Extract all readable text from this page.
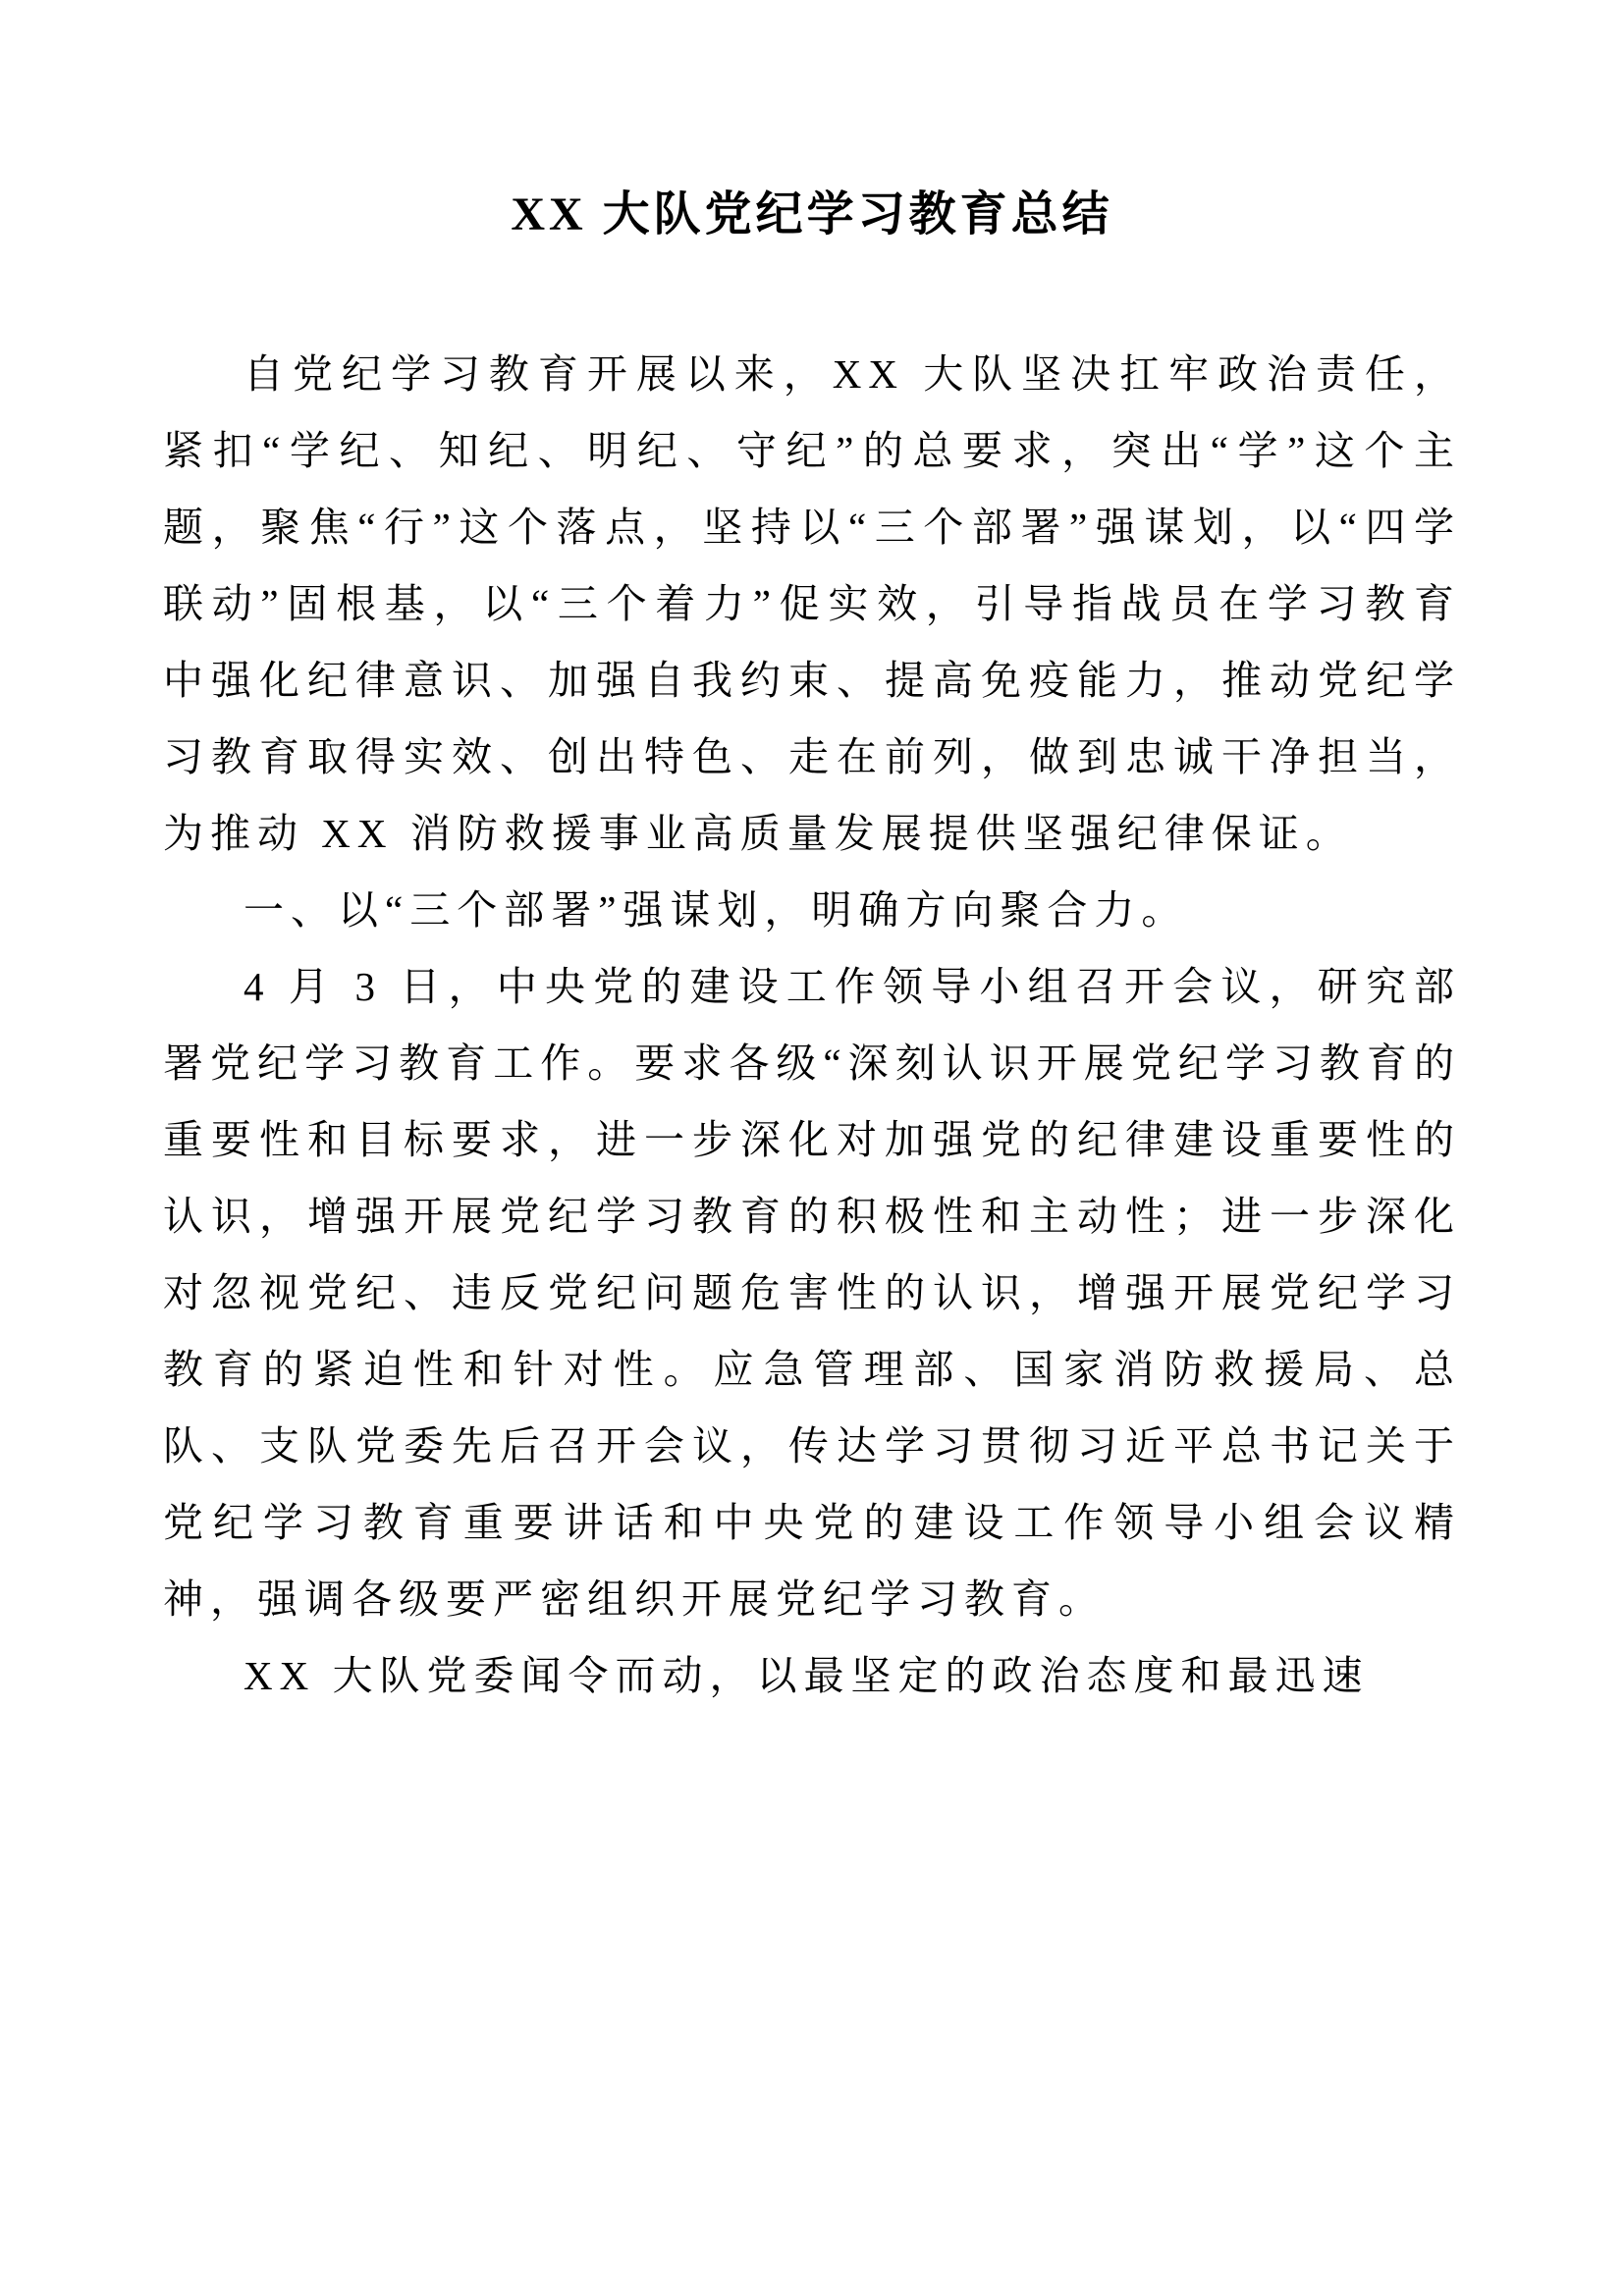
XX 大队党纪学习教育总结

自党纪学习教育开展以来，XX 大队坚决扛牢政治责任，紧扣“学纪、知纪、明纪、守纪”的总要求，突出“学”这个主题，聚焦“行”这个落点，坚持以“三个部署”强谋划，以“四学联动”固根基，以“三个着力”促实效，引导指战员在学习教育中强化纪律意识、加强自我约束、提高免疫能力，推动党纪学习教育取得实效、创出特色、走在前列，做到忠诚干净担当，为推动 XX 消防救援事业高质量发展提供坚强纪律保证。

一、以“三个部署”强谋划，明确方向聚合力。

4 月 3 日，中央党的建设工作领导小组召开会议，研究部署党纪学习教育工作。要求各级“深刻认识开展党纪学习教育的重要性和目标要求，进一步深化对加强党的纪律建设重要性的认识，增强开展党纪学习教育的积极性和主动性；进一步深化对忽视党纪、违反党纪问题危害性的认识，增强开展党纪学习教育的紧迫性和针对性。应急管理部、国家消防救援局、总队、支队党委先后召开会议，传达学习贯彻习近平总书记关于党纪学习教育重要讲话和中央党的建设工作领导小组会议精神，强调各级要严密组织开展党纪学习教育。

XX 大队党委闻令而动，以最坚定的政治态度和最迅速
